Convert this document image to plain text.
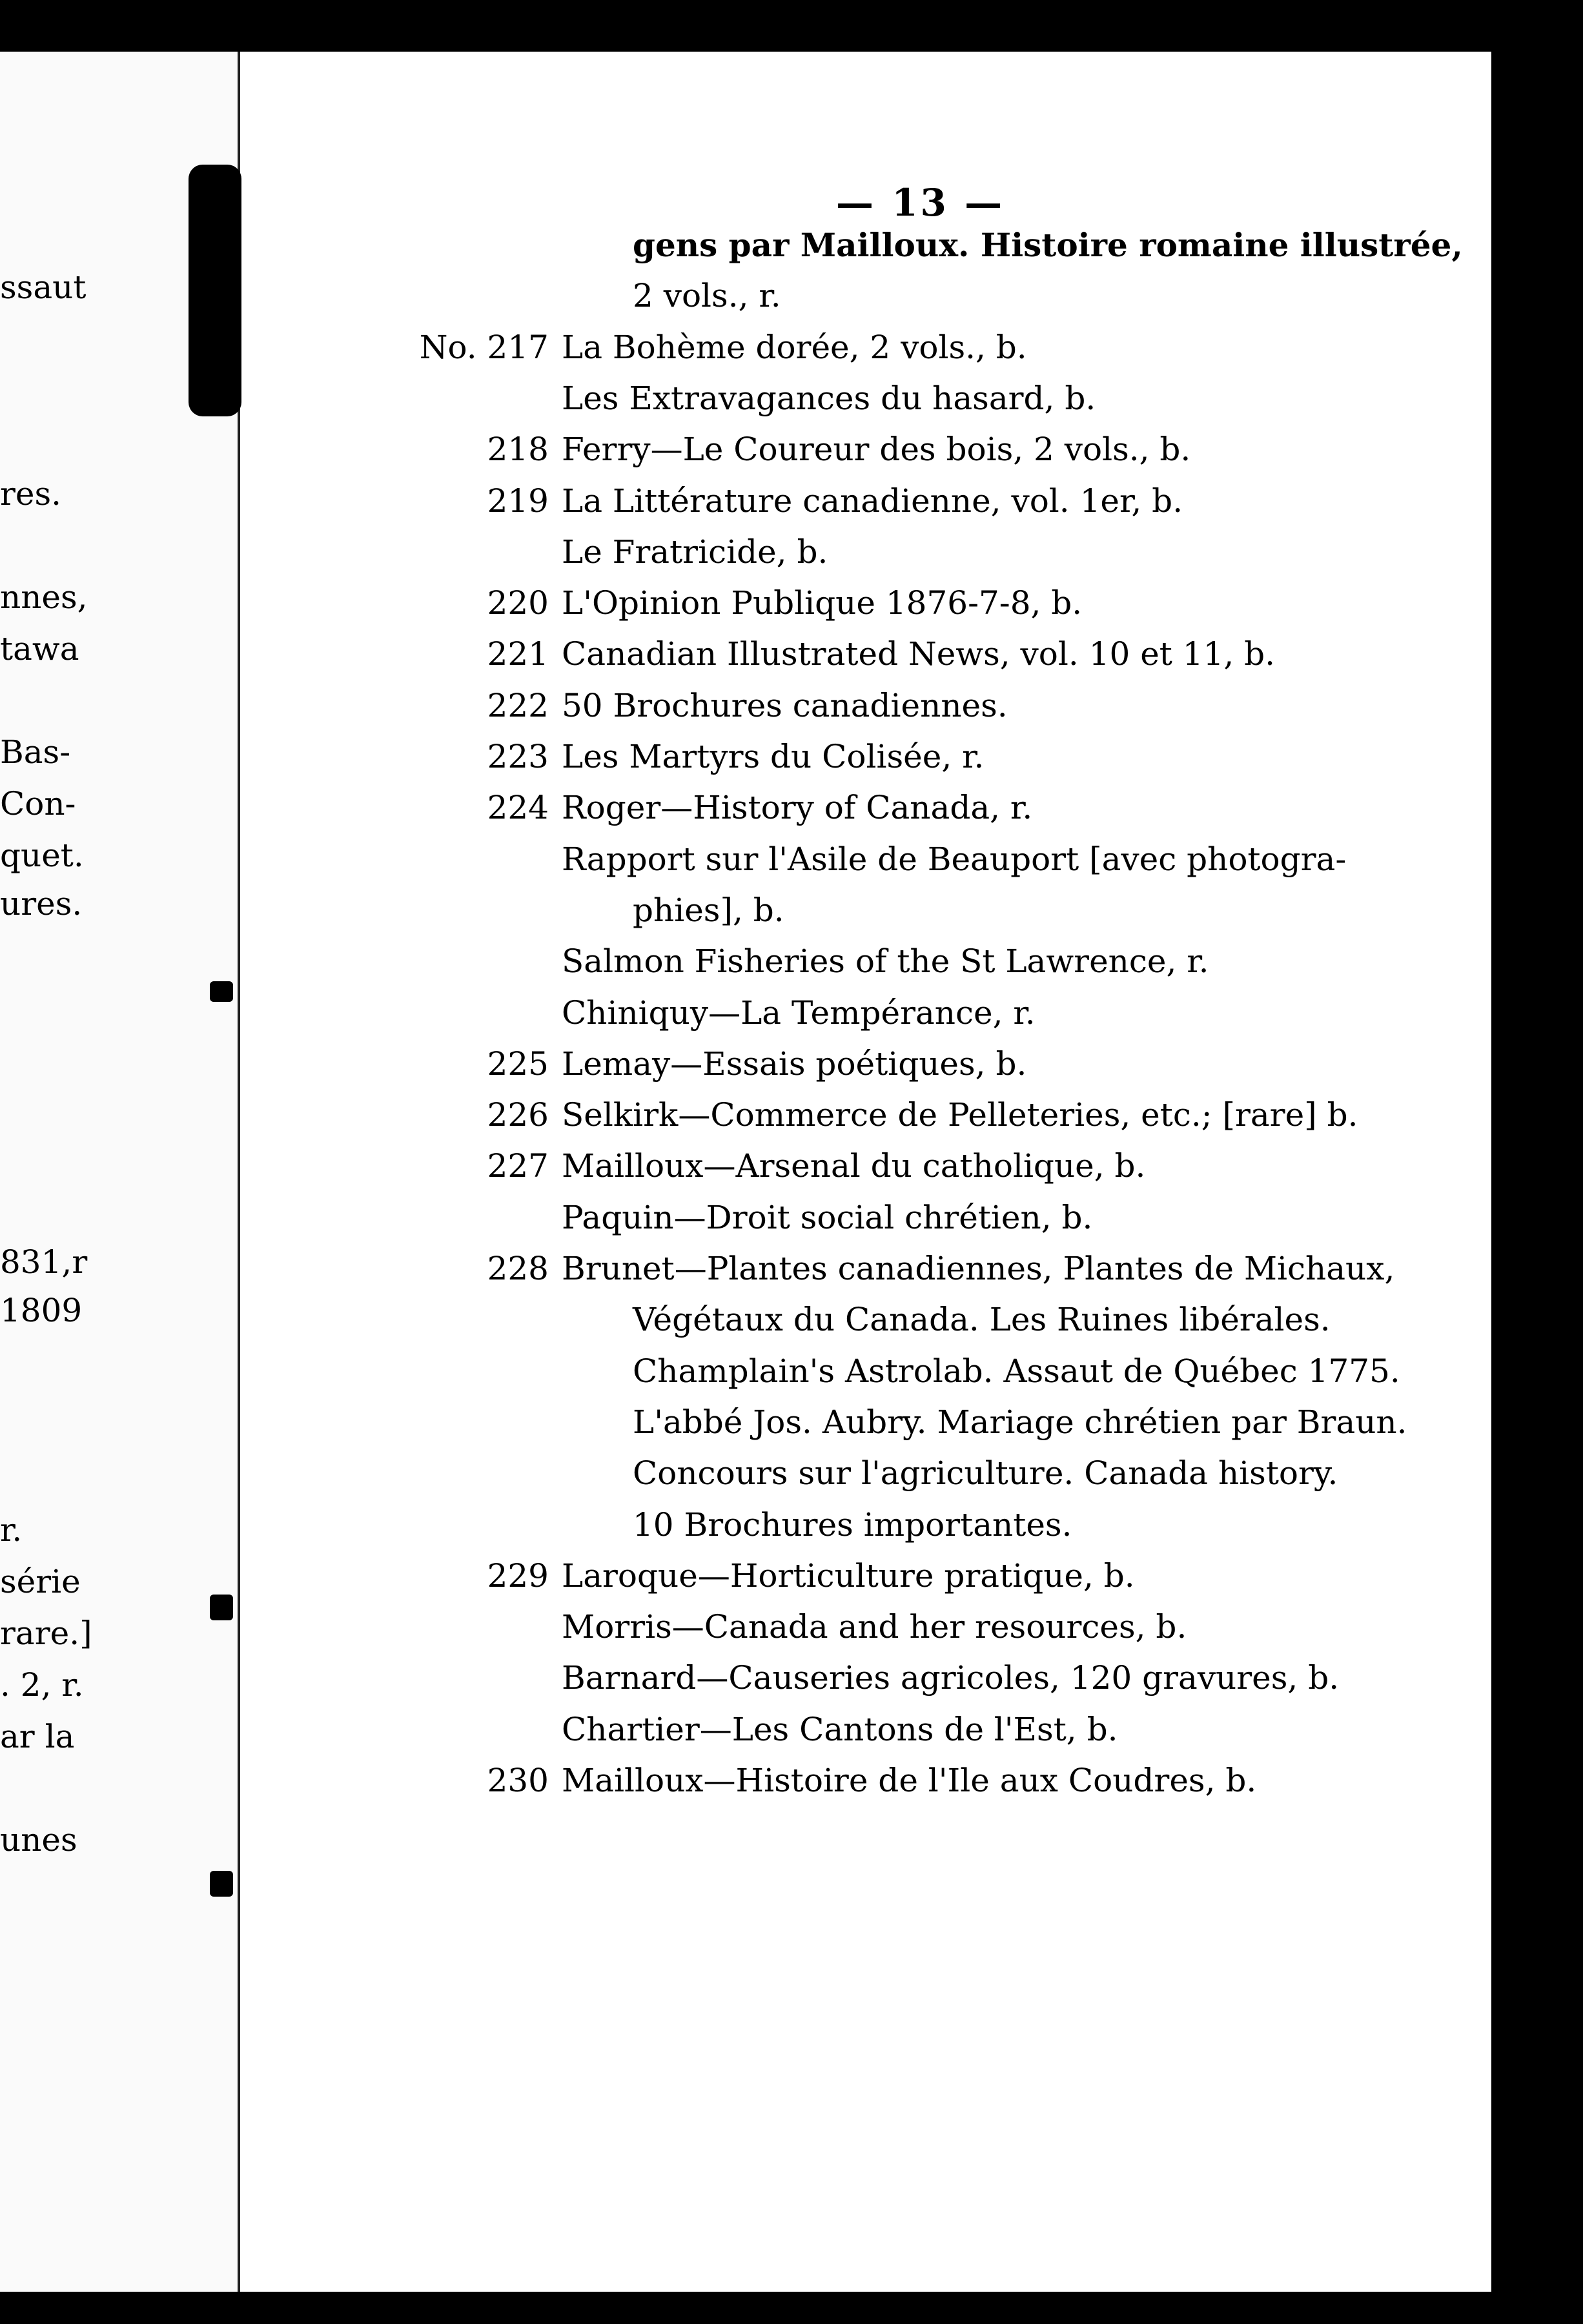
ssaut
res.
nnes,
tawa
Bas-
Con-
quet.
ures.
831,r
1809
r.
série
rare.]
. 2, r.
ar la
unes
— 13 —
gens par Mailloux. Histoire romaine illustrée,
2 vols., r.
No. 217 La Bohème dorée, 2 vols., b.
Les Extravagances du hasard, b.
218 Ferry—Le Coureur des bois, 2 vols., b.
219 La Littérature canadienne, vol. 1er, b.
Le Fratricide, b.
220 L'Opinion Publique 1876-7-8, b.
221 Canadian Illustrated News, vol. 10 et 11, b.
222 50 Brochures canadiennes.
223 Les Martyrs du Colisée, r.
224 Roger—History of Canada, r.
Rapport sur l'Asile de Beauport [avec photogra-
phies], b.
Salmon Fisheries of the St Lawrence, r.
Chiniquy—La Tempérance, r.
225 Lemay—Essais poétiques, b.
226 Selkirk—Commerce de Pelleteries, etc.; [rare] b.
227 Mailloux—Arsenal du catholique, b.
Paquin—Droit social chrétien, b.
228 Brunet—Plantes canadiennes, Plantes de Michaux,
Végétaux du Canada. Les Ruines libérales.
Champlain's Astrolab. Assaut de Québec 1775.
L'abbé Jos. Aubry. Mariage chrétien par Braun.
Concours sur l'agriculture. Canada history.
10 Brochures importantes.
229 Laroque—Horticulture pratique, b.
Morris—Canada and her resources, b.
Barnard—Causeries agricoles, 120 gravures, b.
Chartier—Les Cantons de l'Est, b.
230 Mailloux—Histoire de l'Ile aux Coudres, b.
